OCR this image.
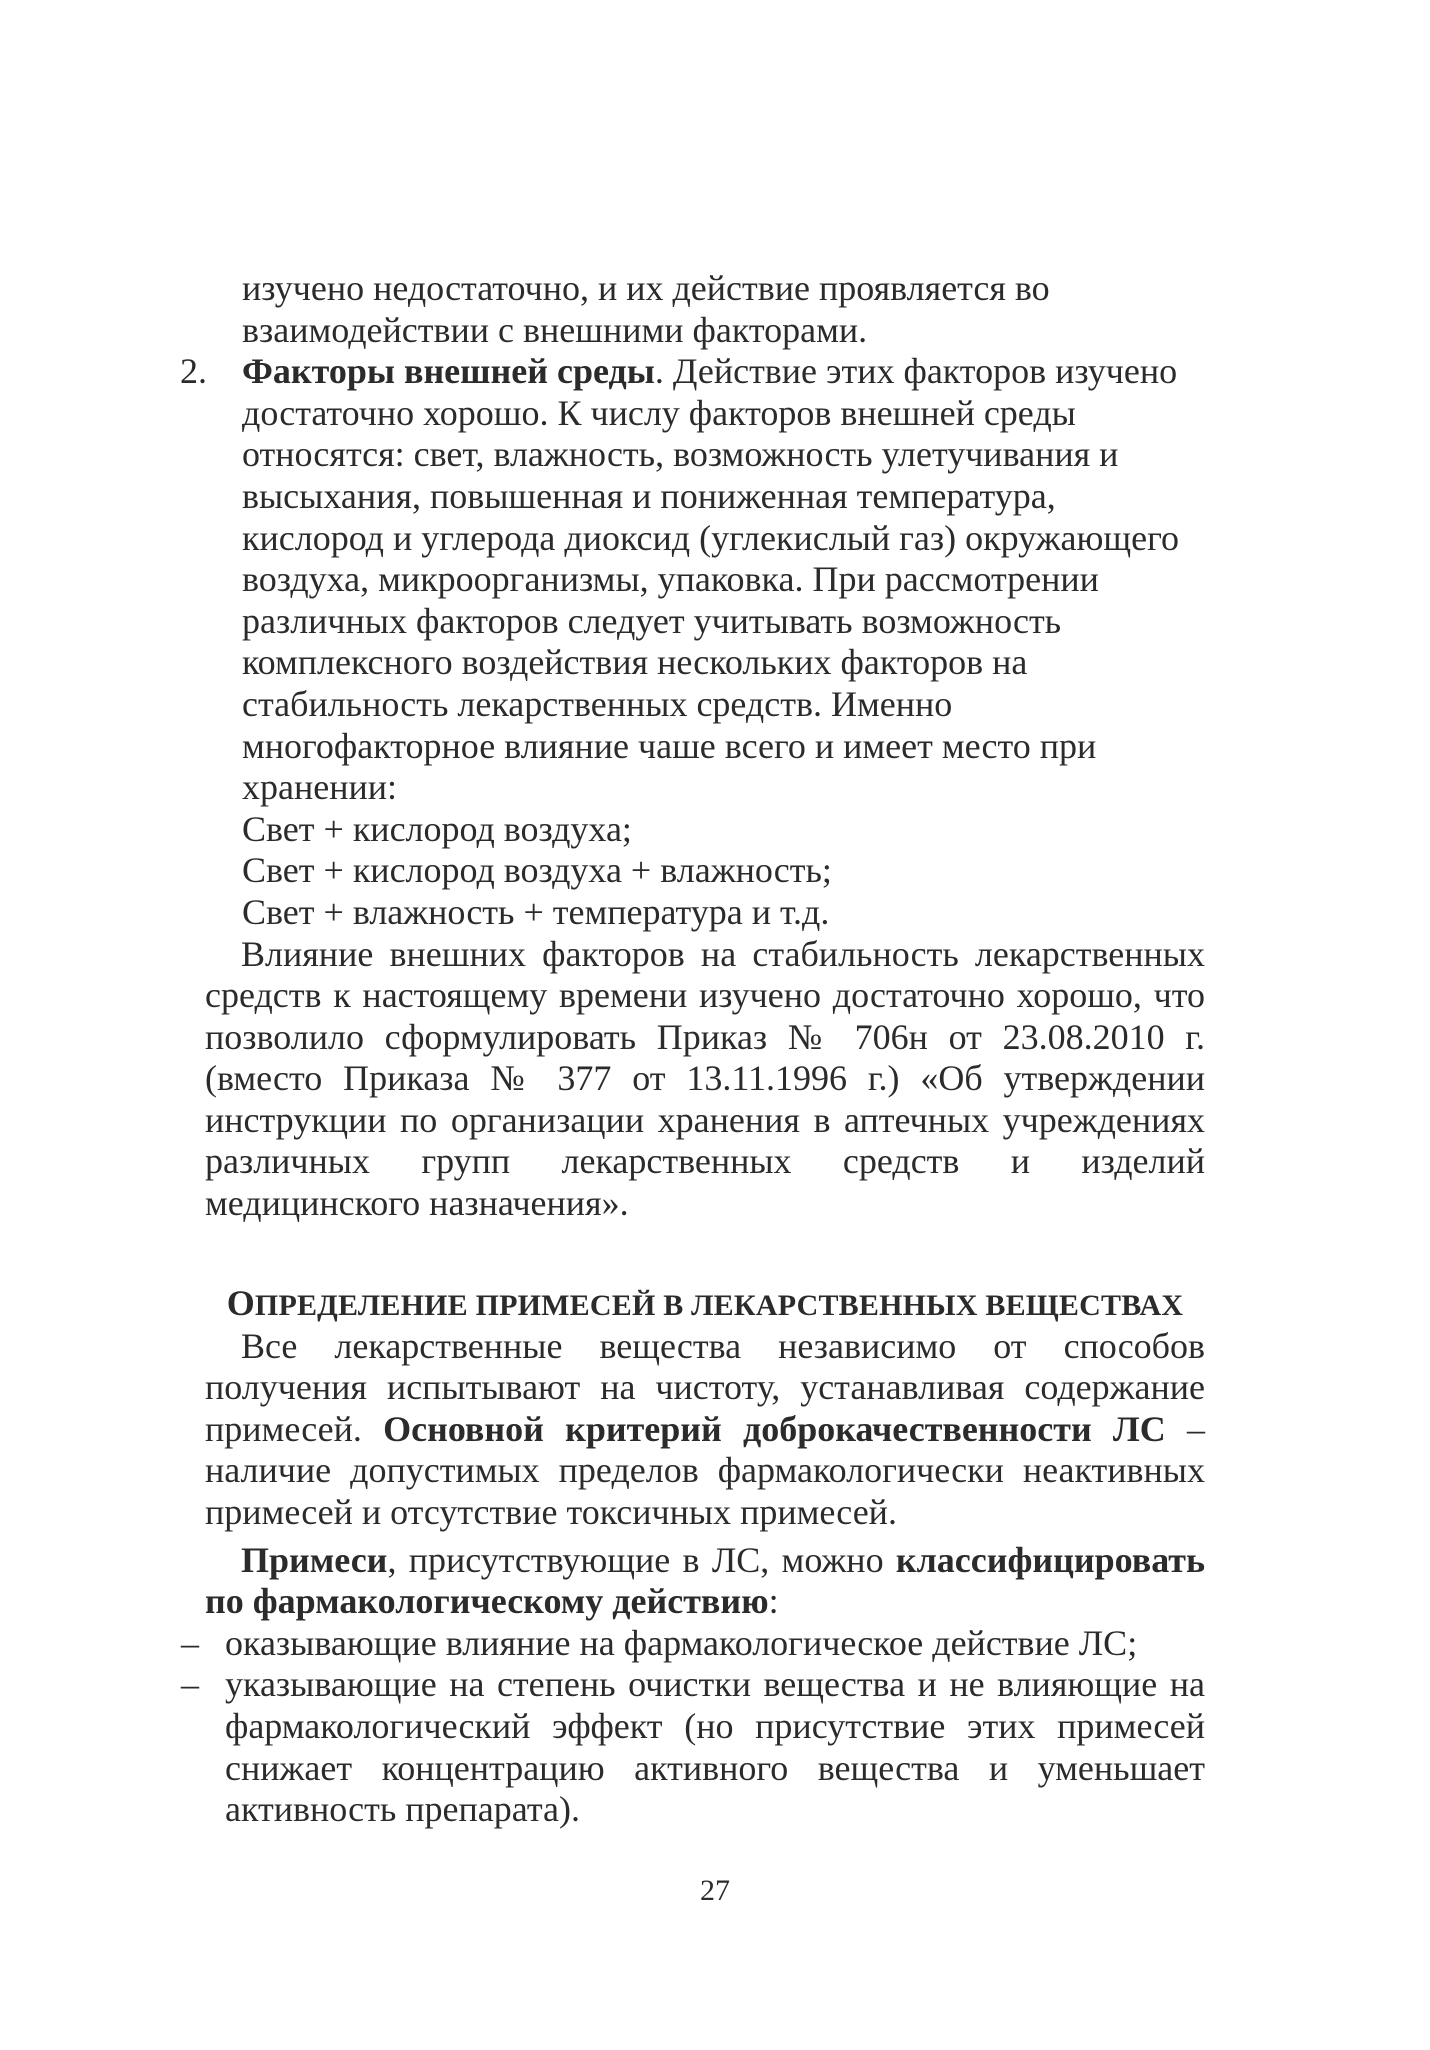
изучено недостаточно, и их действие проявляется во взаимодействии с внешними факторами.

2. Факторы внешней среды. Действие этих факторов изучено достаточно хорошо. К числу факторов внешней среды относятся: свет, влажность, возможность улетучивания и высыхания, повышенная и пониженная температура, кислород и углерода диоксид (углекислый газ) окружающего воздуха, микроорганизмы, упаковка. При рассмотрении различных факторов следует учитывать возможность комплексного воздействия нескольких факторов на стабильность лекарственных средств. Именно многофакторное влияние чаше всего и имеет место при хранении:

Свет + кислород воздуха;
Свет + кислород воздуха + влажность;
Свет + влажность + температура и т.д.

Влияние внешних факторов на стабильность лекарственных средств к настоящему времени изучено достаточно хорошо, что позволило сформулировать Приказ № 706н от 23.08.2010 г. (вместо Приказа № 377 от 13.11.1996 г.) «Об утверждении инструкции по организации хранения в аптечных учреждениях различных групп лекарственных средств и изделий медицинского назначения».

ОПРЕДЕЛЕНИЕ ПРИМЕСЕЙ В ЛЕКАРСТВЕННЫХ ВЕЩЕСТВАХ

Все лекарственные вещества независимо от способов получения испытывают на чистоту, устанавливая содержание примесей. Основной критерий доброкачественности ЛС – наличие допустимых пределов фармакологически неактивных примесей и отсутствие токсичных примесей.

Примеси, присутствующие в ЛС, можно классифицировать по фармакологическому действию:

– оказывающие влияние на фармакологическое действие ЛС;
– указывающие на степень очистки вещества и не влияющие на фармакологический эффект (но присутствие этих примесей снижает концентрацию активного вещества и уменьшает активность препарата).
27
